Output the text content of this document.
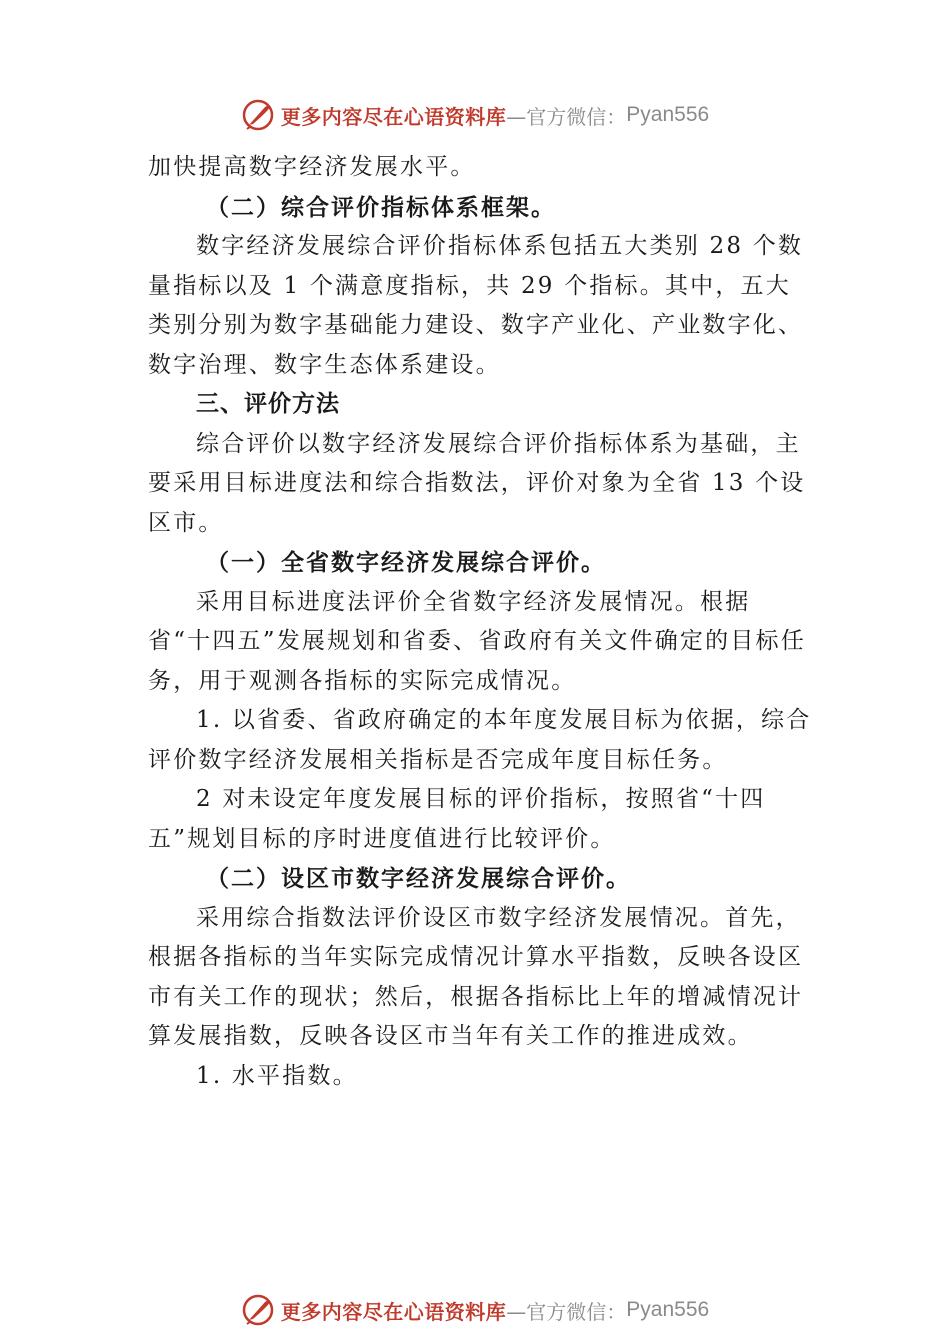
更多内容尽在心语资料库 —官方微信： Pyan556

加快提高数字经济发展水平。

（二）综合评价指标体系框架。

数字经济发展综合评价指标体系包括五大类别 28 个数量指标以及 1 个满意度指标，共 29 个指标。其中，五大类别分别为数字基础能力建设、数字产业化、产业数字化、数字治理、数字生态体系建设。

三、评价方法

综合评价以数字经济发展综合评价指标体系为基础，主要采用目标进度法和综合指数法，评价对象为全省 13 个设区市。

（一）全省数字经济发展综合评价。

采用目标进度法评价全省数字经济发展情况。根据省“十四五”发展规划和省委、省政府有关文件确定的目标任务，用于观测各指标的实际完成情况。

1. 以省委、省政府确定的本年度发展目标为依据，综合评价数字经济发展相关指标是否完成年度目标任务。

2 对未设定年度发展目标的评价指标，按照省“十四五”规划目标的序时进度值进行比较评价。

（二）设区市数字经济发展综合评价。

采用综合指数法评价设区市数字经济发展情况。首先，根据各指标的当年实际完成情况计算水平指数，反映各设区市有关工作的现状；然后，根据各指标比上年的增减情况计算发展指数，反映各设区市当年有关工作的推进成效。

1. 水平指数。

更多内容尽在心语资料库 —官方微信： Pyan556
